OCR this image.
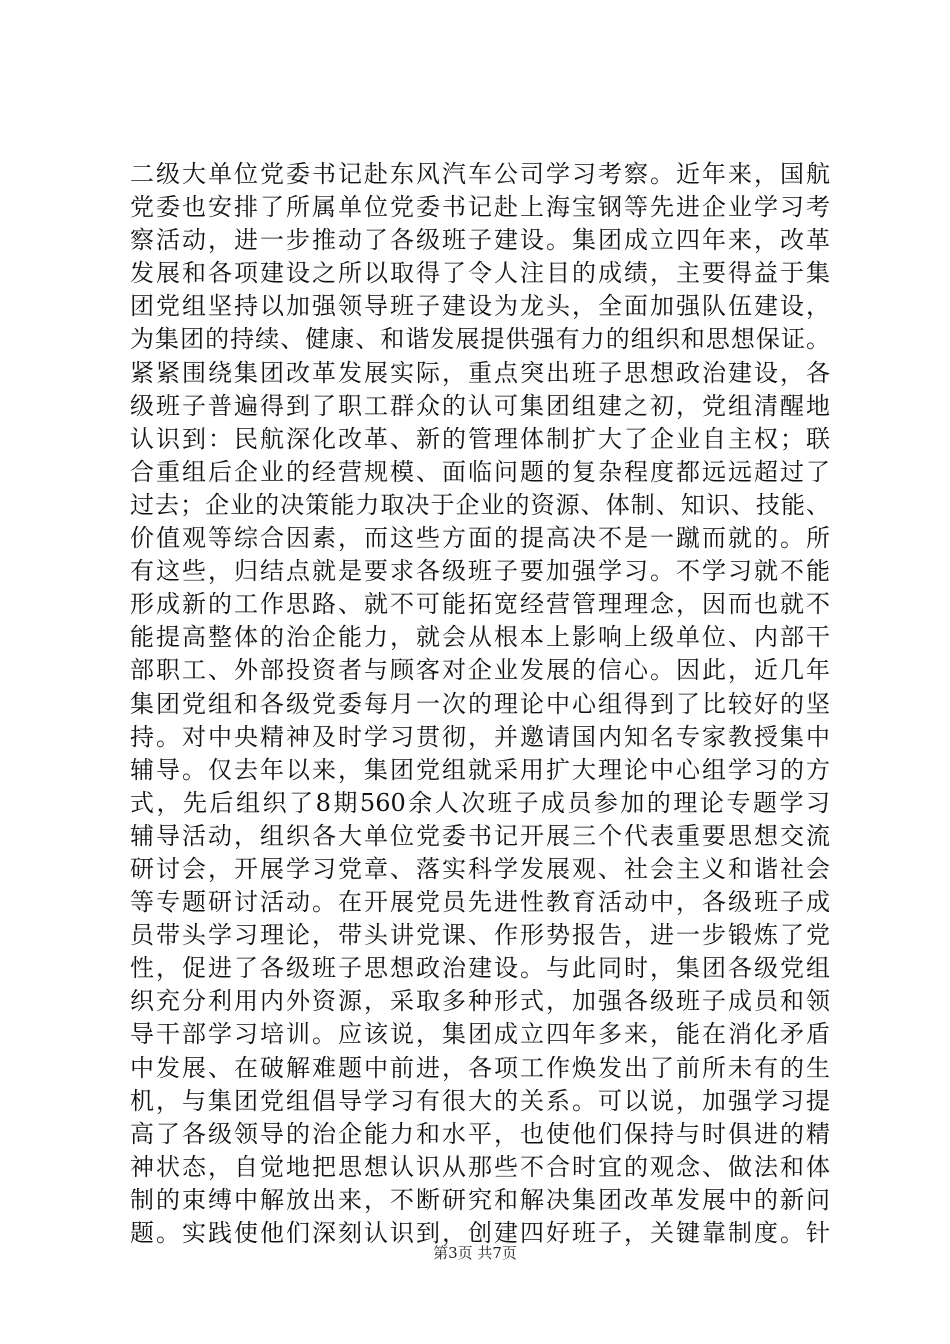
二级大单位党委书记赴东风汽车公司学习考察。近年来，国航
党委也安排了所属单位党委书记赴上海宝钢等先进企业学习考
察活动，进一步推动了各级班子建设。集团成立四年来，改革
发展和各项建设之所以取得了令人注目的成绩，主要得益于集
团党组坚持以加强领导班子建设为龙头，全面加强队伍建设，
为集团的持续、健康、和谐发展提供强有力的组织和思想保证。
紧紧围绕集团改革发展实际，重点突出班子思想政治建设，各
级班子普遍得到了职工群众的认可集团组建之初，党组清醒地
认识到：民航深化改革、新的管理体制扩大了企业自主权；联
合重组后企业的经营规模、面临问题的复杂程度都远远超过了
过去；企业的决策能力取决于企业的资源、体制、知识、技能、
价值观等综合因素，而这些方面的提高决不是一蹴而就的。所
有这些，归结点就是要求各级班子要加强学习。不学习就不能
形成新的工作思路、就不可能拓宽经营管理理念，因而也就不
能提高整体的治企能力，就会从根本上影响上级单位、内部干
部职工、外部投资者与顾客对企业发展的信心。因此，近几年
集团党组和各级党委每月一次的理论中心组得到了比较好的坚
持。对中央精神及时学习贯彻，并邀请国内知名专家教授集中
辅导。仅去年以来，集团党组就采用扩大理论中心组学习的方
式，先后组织了8期560余人次班子成员参加的理论专题学习
辅导活动，组织各大单位党委书记开展三个代表重要思想交流
研讨会，开展学习党章、落实科学发展观、社会主义和谐社会
等专题研讨活动。在开展党员先进性教育活动中，各级班子成
员带头学习理论，带头讲党课、作形势报告，进一步锻炼了党
性，促进了各级班子思想政治建设。与此同时，集团各级党组
织充分利用内外资源，采取多种形式，加强各级班子成员和领
导干部学习培训。应该说，集团成立四年多来，能在消化矛盾
中发展、在破解难题中前进，各项工作焕发出了前所未有的生
机，与集团党组倡导学习有很大的关系。可以说，加强学习提
高了各级领导的治企能力和水平，也使他们保持与时俱进的精
神状态，自觉地把思想认识从那些不合时宜的观念、做法和体
制的束缚中解放出来，不断研究和解决集团改革发展中的新问
题。实践使他们深刻认识到，创建四好班子，关键靠制度。针
第3页 共7页
